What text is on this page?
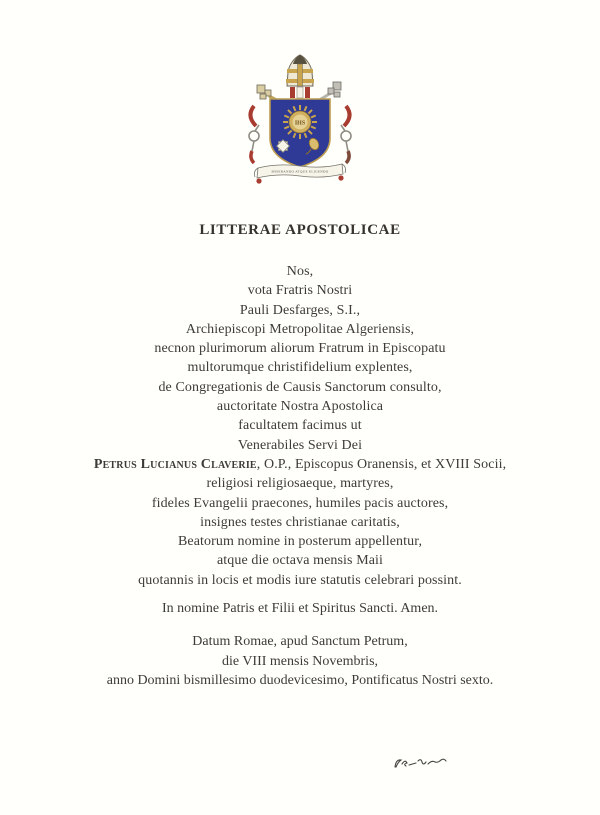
IHS
MISERANDO ATQUE ELIGENDO
LITTERAE APOSTOLICAE
Nos,
vota Fratris Nostri
Pauli Desfarges, S.I.,
Archiepiscopi Metropolitae Algeriensis,
necnon plurimorum aliorum Fratrum in Episcopatu
multorumque christifidelium explentes,
de Congregationis de Causis Sanctorum consulto,
auctoritate Nostra Apostolica
facultatem facimus ut
Venerabiles Servi Dei
Petrus Lucianus Claverie, O.P., Episcopus Oranensis, et XVIII Socii,
religiosi religiosaeque, martyres,
fideles Evangelii praecones, humiles pacis auctores,
insignes testes christianae caritatis,
Beatorum nomine in posterum appellentur,
atque die octava mensis Maii
quotannis in locis et modis iure statutis celebrari possint.
In nomine Patris et Filii et Spiritus Sancti. Amen.
Datum Romae, apud Sanctum Petrum,
die VIII mensis Novembris,
anno Domini bismillesimo duodevicesimo, Pontificatus Nostri sexto.
